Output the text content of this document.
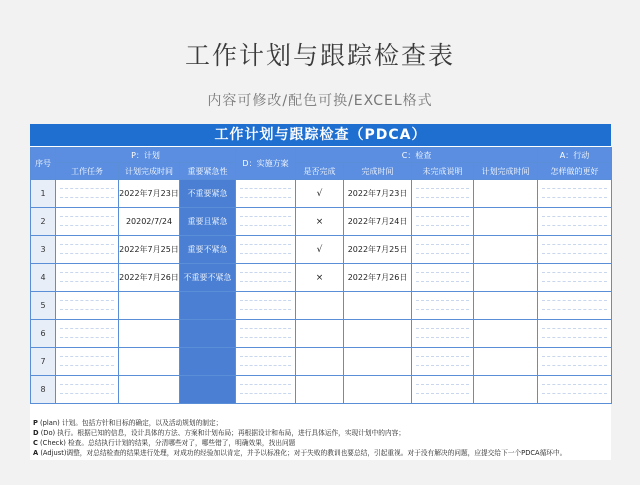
工作计划与跟踪检查表
内容可修改/配色可换/EXCEL格式
工作计划与跟踪检查（PDCA）
序号	P：计划			D：实施方案	C：检查				A：行动
	工作任务	计划完成时间	重要紧急性		是否完成	完成时间	未完成说明	计划完成时间	怎样做的更好
1		2022年7月23日	不重要紧急		√	2022年7月23日	

2		20202/7/24	重要且紧急		×	2022年7月24日	

3		2022年7月25日	重要不紧急		√	2022年7月25日	

4		2022年7月26日	不重要不紧急		×	2022年7月26日	

5	

6	

7	

8	

P (plan) 计划。包括方针和目标的确定，以及活动规划的制定；
D (Do) 执行。根据已知的信息，设计具体的方法、方案和计划布局；再根据设计和布局，进行具体运作，实现计划中的内容；
C (Check) 检查。总结执行计划的结果，分清哪些对了，哪些错了，明确效果，找出问题
A (Adjust)调整，对总结检查的结果进行处理，对成功的经验加以肯定，并予以标准化；对于失败的教训也要总结，引起重视。对于没有解决的问题，应提交给下一个PDCA循环中。
